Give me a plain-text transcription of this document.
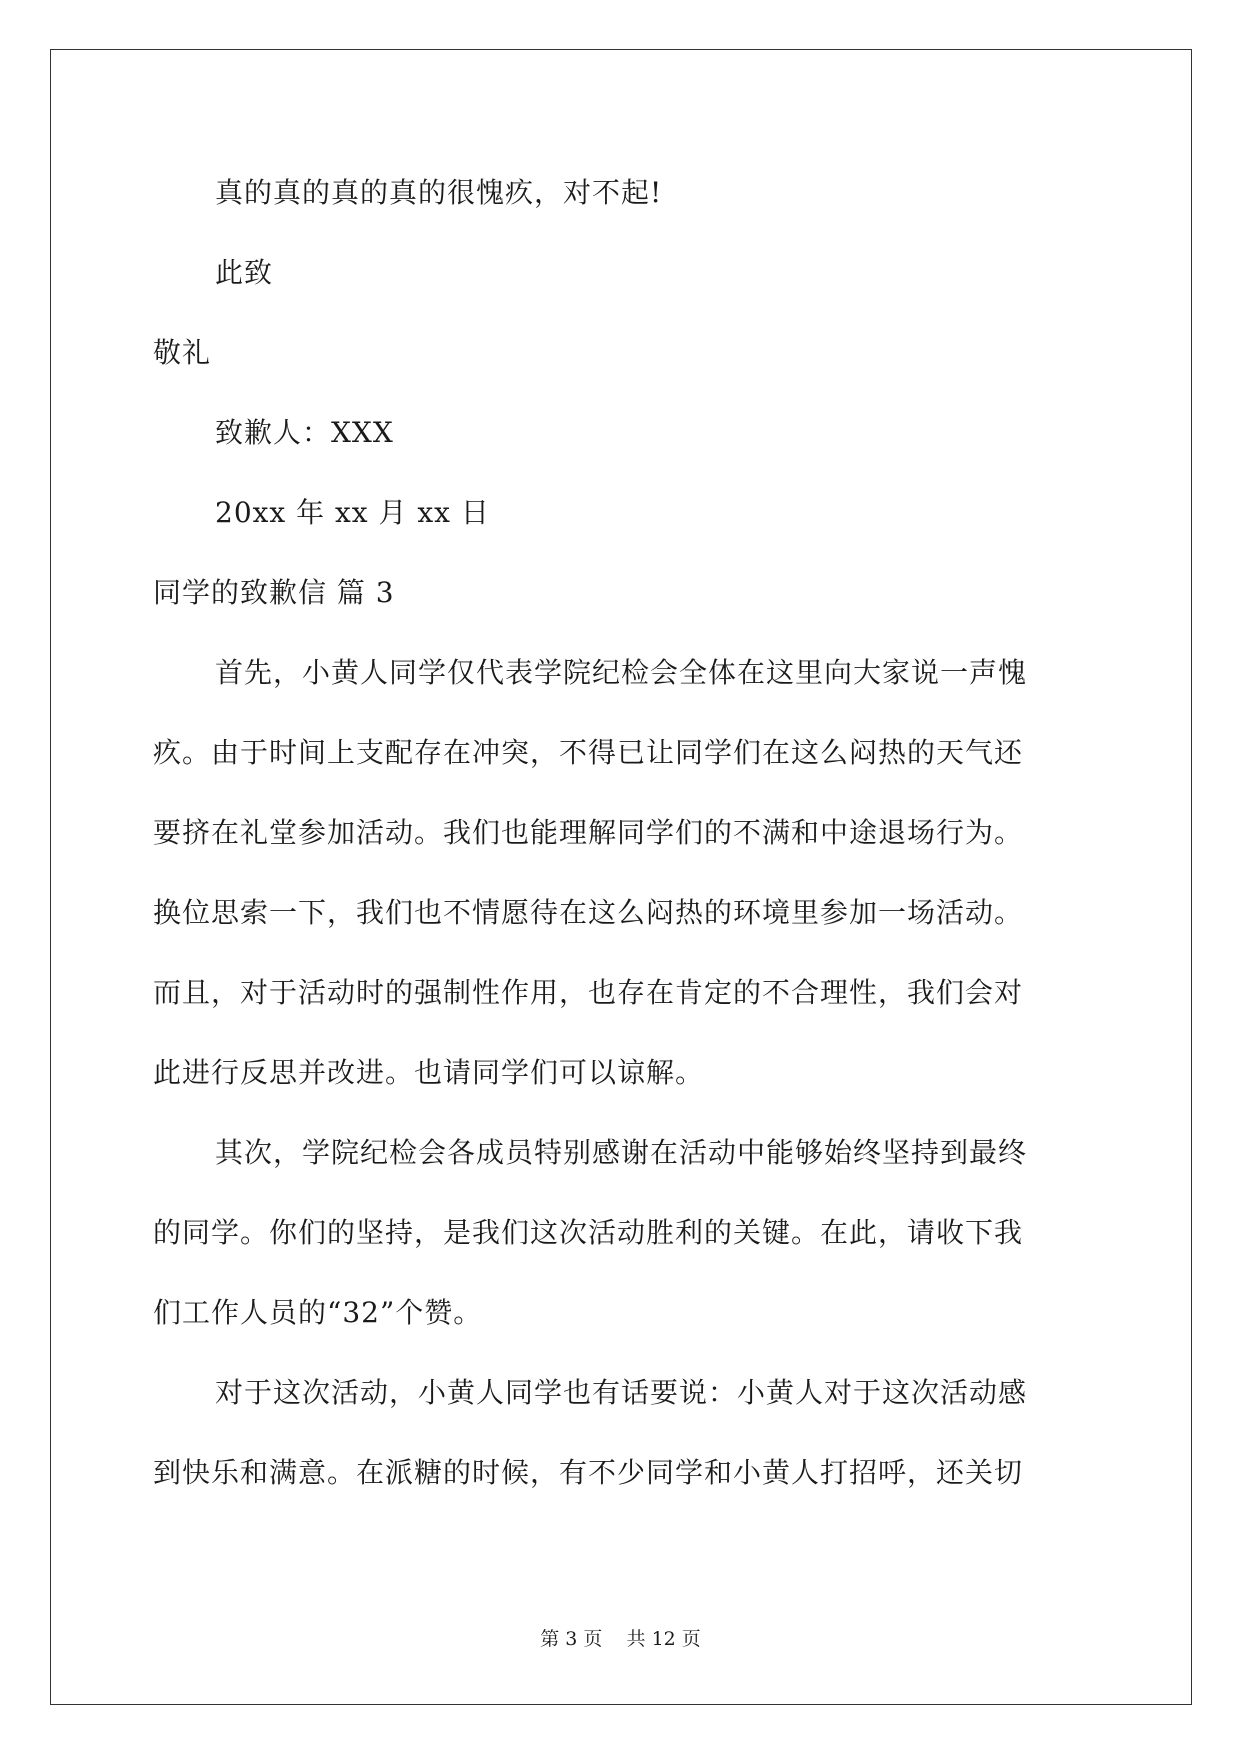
真的真的真的真的很愧疚，对不起!
此致
敬礼
致歉人：XXX
20xx 年 xx 月 xx 日
同学的致歉信 篇 3
首先，小黄人同学仅代表学院纪检会全体在这里向大家说一声愧
疚。由于时间上支配存在冲突，不得已让同学们在这么闷热的天气还
要挤在礼堂参加活动。我们也能理解同学们的不满和中途退场行为。
换位思索一下，我们也不情愿待在这么闷热的环境里参加一场活动。
而且，对于活动时的强制性作用，也存在肯定的不合理性，我们会对
此进行反思并改进。也请同学们可以谅解。
其次，学院纪检会各成员特别感谢在活动中能够始终坚持到最终
的同学。你们的坚持，是我们这次活动胜利的关键。在此，请收下我
们工作人员的“32”个赞。
对于这次活动，小黄人同学也有话要说：小黄人对于这次活动感
到快乐和满意。在派糖的时候，有不少同学和小黄人打招呼，还关切
第 3 页    共 12 页
